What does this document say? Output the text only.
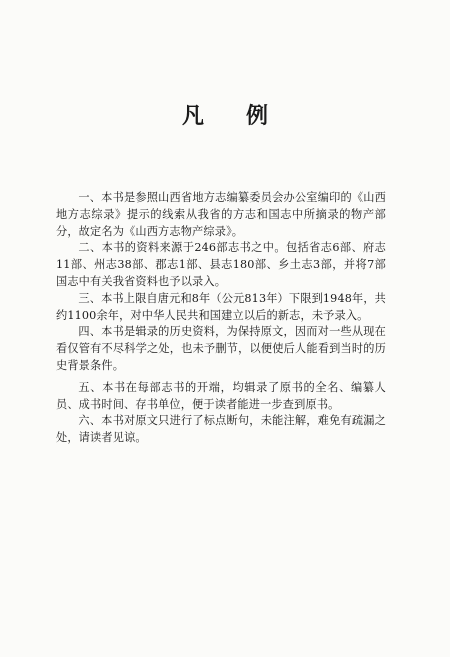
凡 例

一、本书是参照山西省地方志编纂委员会办公室编印的《山西地方志综录》提示的线索从我省的方志和国志中所摘录的物产部分，故定名为《山西方志物产综录》。

二、本书的资料来源于246部志书之中。包括省志6部、府志11部、州志38部、郡志1部、县志180部、乡土志3部，并将7部国志中有关我省资料也予以录入。

三、本书上限自唐元和8年（公元813年）下限到1948年，共约1100余年，对中华人民共和国建立以后的新志，未予录入。

四、本书是辑录的历史资料，为保持原文，因而对一些从现在看仅管有不尽科学之处，也未予删节，以便使后人能看到当时的历史背景条件。

五、本书在每部志书的开端，均辑录了原书的全名、编纂人员、成书时间、存书单位，便于读者能进一步查到原书。

六、本书对原文只进行了标点断句，未能注解，难免有疏漏之处，请读者见谅。
